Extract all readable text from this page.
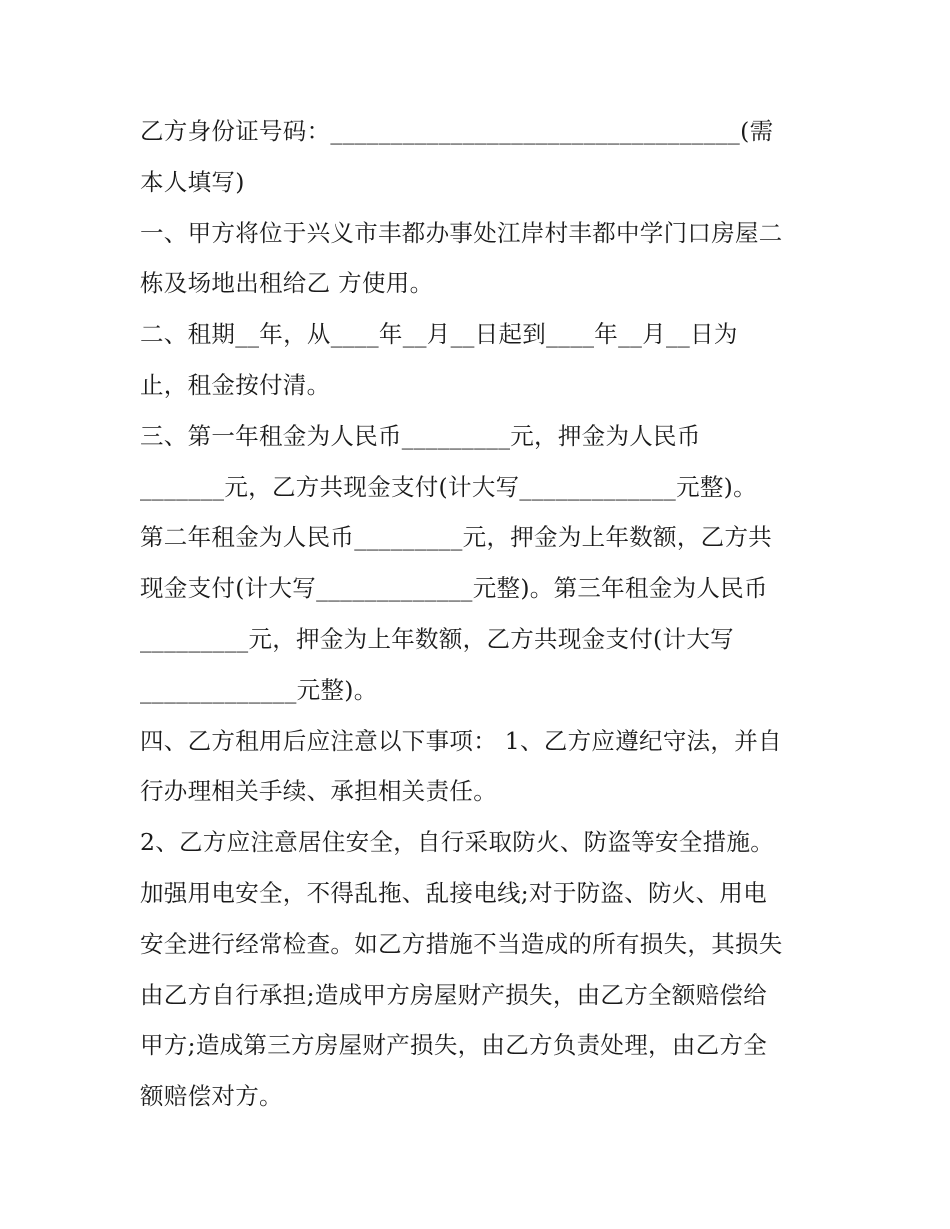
乙方身份证号码：__________________________________(需
本人填写)
一、甲方将位于兴义市丰都办事处江岸村丰都中学门口房屋二
栋及场地出租给乙 方使用。
二、租期__年，从____年__月__日起到____年__月__日为
止，租金按付清。
三、第一年租金为人民币_________元，押金为人民币
_______元，乙方共现金支付(计大写_____________元整)。
第二年租金为人民币_________元，押金为上年数额，乙方共
现金支付(计大写_____________元整)。第三年租金为人民币
_________元，押金为上年数额，乙方共现金支付(计大写
_____________元整)。
四、乙方租用后应注意以下事项： 1、乙方应遵纪守法，并自
行办理相关手续、承担相关责任。
2、乙方应注意居住安全，自行采取防火、防盗等安全措施。
加强用电安全，不得乱拖、乱接电线;对于防盗、防火、用电
安全进行经常检查。如乙方措施不当造成的所有损失，其损失
由乙方自行承担;造成甲方房屋财产损失，由乙方全额赔偿给
甲方;造成第三方房屋财产损失，由乙方负责处理，由乙方全
额赔偿对方。
